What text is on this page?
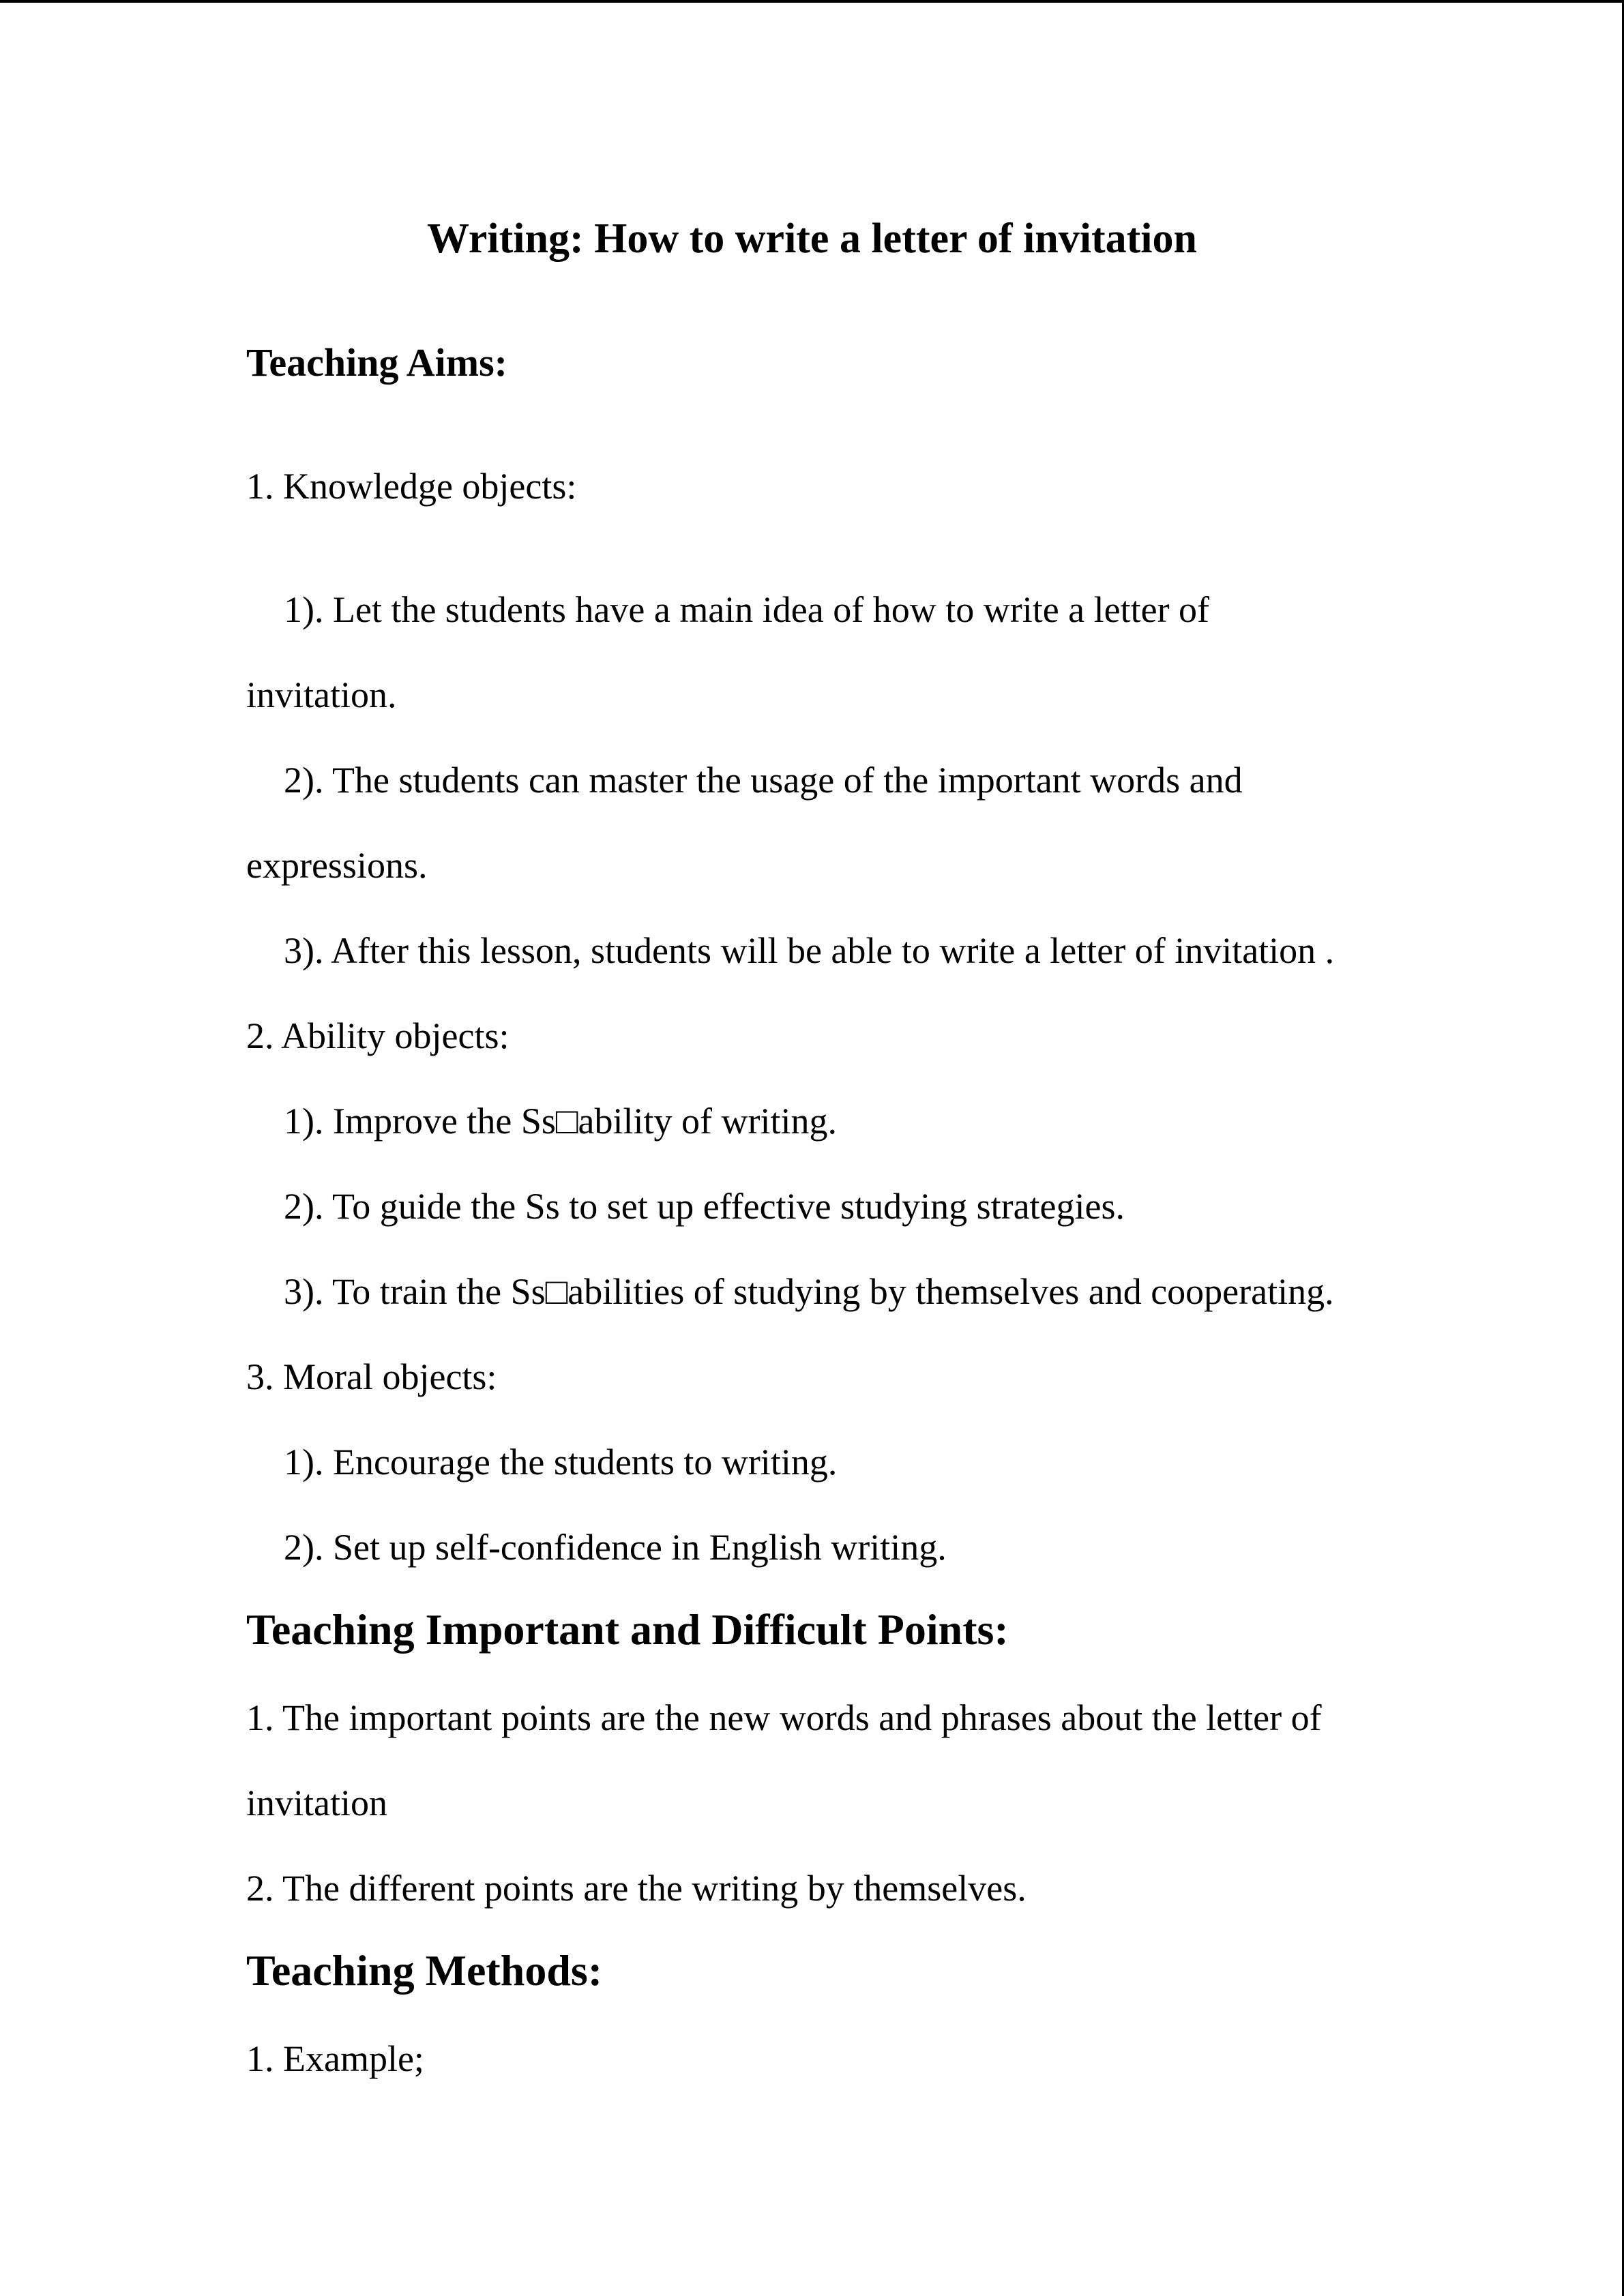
Writing: How to write a letter of invitation
Teaching Aims:
1. Knowledge objects:
1). Let the students have a main idea of how to write a letter of
invitation.
2). The students can master the usage of the important words and
expressions.
3). After this lesson, students will be able to write a letter of invitation .
2. Ability objects:
1). Improve the Ss□ability of writing.
2). To guide the Ss to set up effective studying strategies.
3). To train the Ss□abilities of studying by themselves and cooperating.
3. Moral objects:
1). Encourage the students to writing.
2). Set up self-confidence in English writing.
Teaching Important and Difficult Points:
1. The important points are the new words and phrases about the letter of
invitation
2. The different points are the writing by themselves.
Teaching Methods:
1. Example;
